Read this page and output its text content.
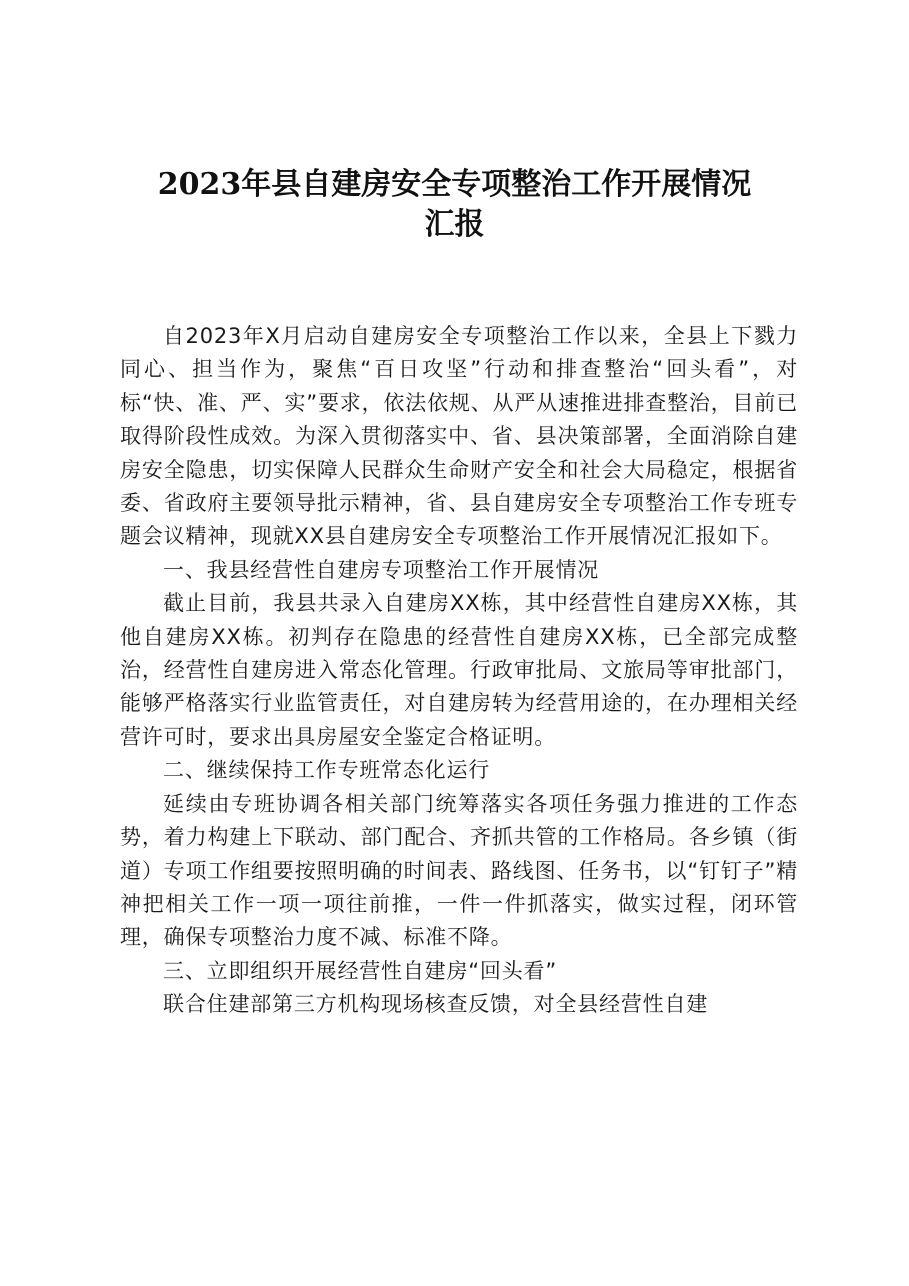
2023年县自建房安全专项整治工作开展情况
汇报

自2023年X月启动自建房安全专项整治工作以来，全县上下戮力同心、担当作为，聚焦“百日攻坚”行动和排查整治“回头看”，对标“快、准、严、实”要求，依法依规、从严从速推进排查整治，目前已取得阶段性成效。为深入贯彻落实中、省、县决策部署，全面消除自建房安全隐患，切实保障人民群众生命财产安全和社会大局稳定，根据省委、省政府主要领导批示精神，省、县自建房安全专项整治工作专班专题会议精神，现就XX县自建房安全专项整治工作开展情况汇报如下。

一、我县经营性自建房专项整治工作开展情况

截止目前，我县共录入自建房XX栋，其中经营性自建房XX栋，其他自建房XX栋。初判存在隐患的经营性自建房XX栋，已全部完成整治，经营性自建房进入常态化管理。行政审批局、文旅局等审批部门，能够严格落实行业监管责任，对自建房转为经营用途的，在办理相关经营许可时，要求出具房屋安全鉴定合格证明。

二、继续保持工作专班常态化运行

延续由专班协调各相关部门统筹落实各项任务强力推进的工作态势，着力构建上下联动、部门配合、齐抓共管的工作格局。各乡镇（街道）专项工作组要按照明确的时间表、路线图、任务书，以“钉钉子”精神把相关工作一项一项往前推，一件一件抓落实，做实过程，闭环管理，确保专项整治力度不减、标准不降。

三、立即组织开展经营性自建房“回头看”

联合住建部第三方机构现场核查反馈，对全县经营性自建
